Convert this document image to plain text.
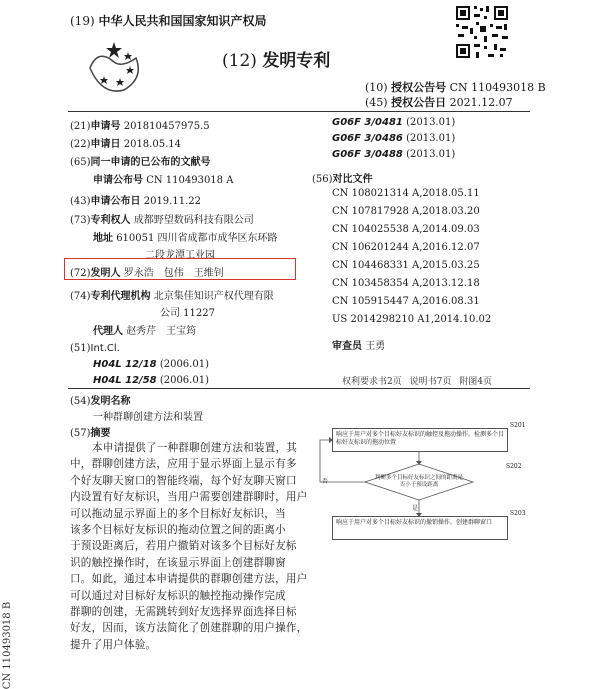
(19) 中华人民共和国国家知识产权局
(12) 发明专利
(10) 授权公告号 CN 110493018 B
(45) 授权公告日 2021.12.07
(21)申请号 201810457975.5
(22)申请日 2018.05.14
(65)同一申请的已公布的文献号
申请公布号 CN 110493018 A
(43)申请公布日 2019.11.22
(73)专利权人 成都野望数码科技有限公司
地址 610051 四川省成都市成华区东环路
二段龙潭工业园
(72)发明人 罗永浩　包伟　王维钊
(74)专利代理机构 北京集佳知识产权代理有限
公司 11227
代理人 赵秀芹　王宝筠
(51)Int.Cl.
H04L 12/18 (2006.01)
H04L 12/58 (2006.01)
G06F 3/0481 (2013.01)
G06F 3/0486 (2013.01)
G06F 3/0488 (2013.01)
(56)对比文件
CN 108021314 A,2018.05.11
CN 107817928 A,2018.03.20
CN 104025538 A,2014.09.03
CN 106201244 A,2016.12.07
CN 104468331 A,2015.03.25
CN 103458354 A,2013.12.18
CN 105915447 A,2016.08.31
US 2014298210 A1,2014.10.02
审查员 王勇
权利要求书2页 说明书7页 附图4页
(54)发明名称
一种群聊创建方法和装置
(57)摘要
本申请提供了一种群聊创建方法和装置，其
中，群聊创建方法，应用于显示界面上显示有多
个好友聊天窗口的智能终端，每个好友聊天窗口
内设置有好友标识，当用户需要创建群聊时，用户
可以拖动显示界面上的多个目标好友标识，当
该多个目标好友标识的拖动位置之间的距离小
于预设距离后，若用户撤销对该多个目标好友标
识的触控操作时，在该显示界面上创建群聊窗
口。如此，通过本申请提供的群聊创建方法，用户
可以通过对目标好友标识的触控拖动操作完成
群聊的创建，无需跳转到好友选择界面选择目标
好友，因而，该方法简化了创建群聊的用户操作，
提升了用户体验。
响应于用户对多个目标好友标识的触控及拖动操作，检测多个目标好友标识的拖动位置
S201
判断多个目标好友标识之间的距离是否小于预设距离
S202
否
是
响应于用户对多个目标好友标识的撤销操作，创建群聊窗口
S203
CN 110493018 B
